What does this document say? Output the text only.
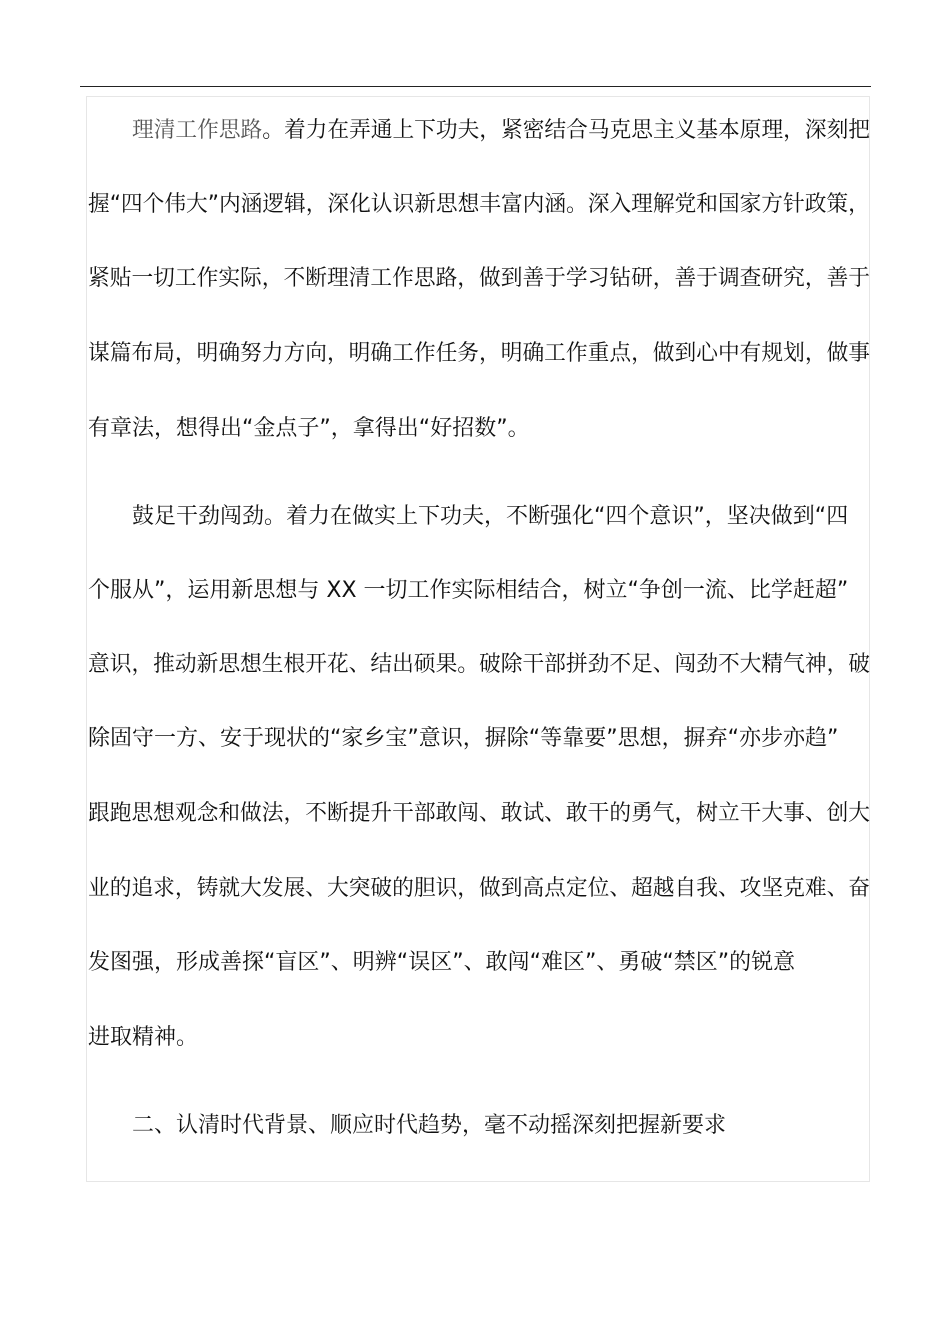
理清工作思路。着力在弄通上下功夫，紧密结合马克思主义基本原理，深刻把

握“四个伟大”内涵逻辑，深化认识新思想丰富内涵。深入理解党和国家方针政策，

紧贴一切工作实际，不断理清工作思路，做到善于学习钻研，善于调查研究，善于

谋篇布局，明确努力方向，明确工作任务，明确工作重点，做到心中有规划，做事

有章法，想得出“金点子”，拿得出“好招数”。

鼓足干劲闯劲。着力在做实上下功夫，不断强化“四个意识”，坚决做到“四

个服从”，运用新思想与 XX 一切工作实际相结合，树立“争创一流、比学赶超”

意识，推动新思想生根开花、结出硕果。破除干部拼劲不足、闯劲不大精气神，破

除固守一方、安于现状的“家乡宝”意识，摒除“等靠要”思想，摒弃“亦步亦趋”

跟跑思想观念和做法，不断提升干部敢闯、敢试、敢干的勇气，树立干大事、创大

业的追求，铸就大发展、大突破的胆识，做到高点定位、超越自我、攻坚克难、奋

发图强，形成善探“盲区”、明辨“误区”、敢闯“难区”、勇破“禁区”的锐意

进取精神。

二、认清时代背景、顺应时代趋势，毫不动摇深刻把握新要求
